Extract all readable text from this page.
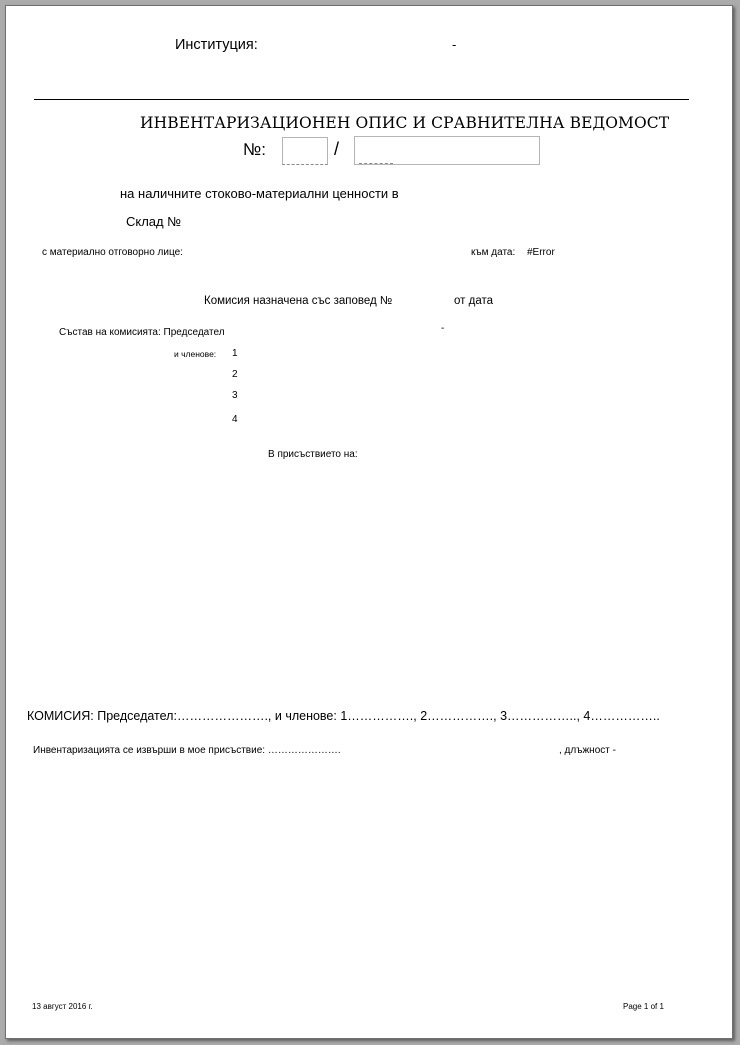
Институция:	-
ИНВЕНТАРИЗАЦИОНЕН ОПИС И СРАВНИТЕЛНА ВЕДОМОСТ
№:	/
на наличните стоково-материални ценности в
Склад №
с материално отговорно лице:	към дата: #Error
Комисия назначена със заповед №	от дата
Състав на комисията: Председател	-
и членове: 1
2
3
4
В присъствието на:
КОМИСИЯ: Председател:…………………., и членове: 1……………., 2……………., 3…………….., 4……………..
Инвентаризацията се извърши в мое присъствие: ………………….	, длъжност -
13 август 2016 г.	Page 1 of 1
